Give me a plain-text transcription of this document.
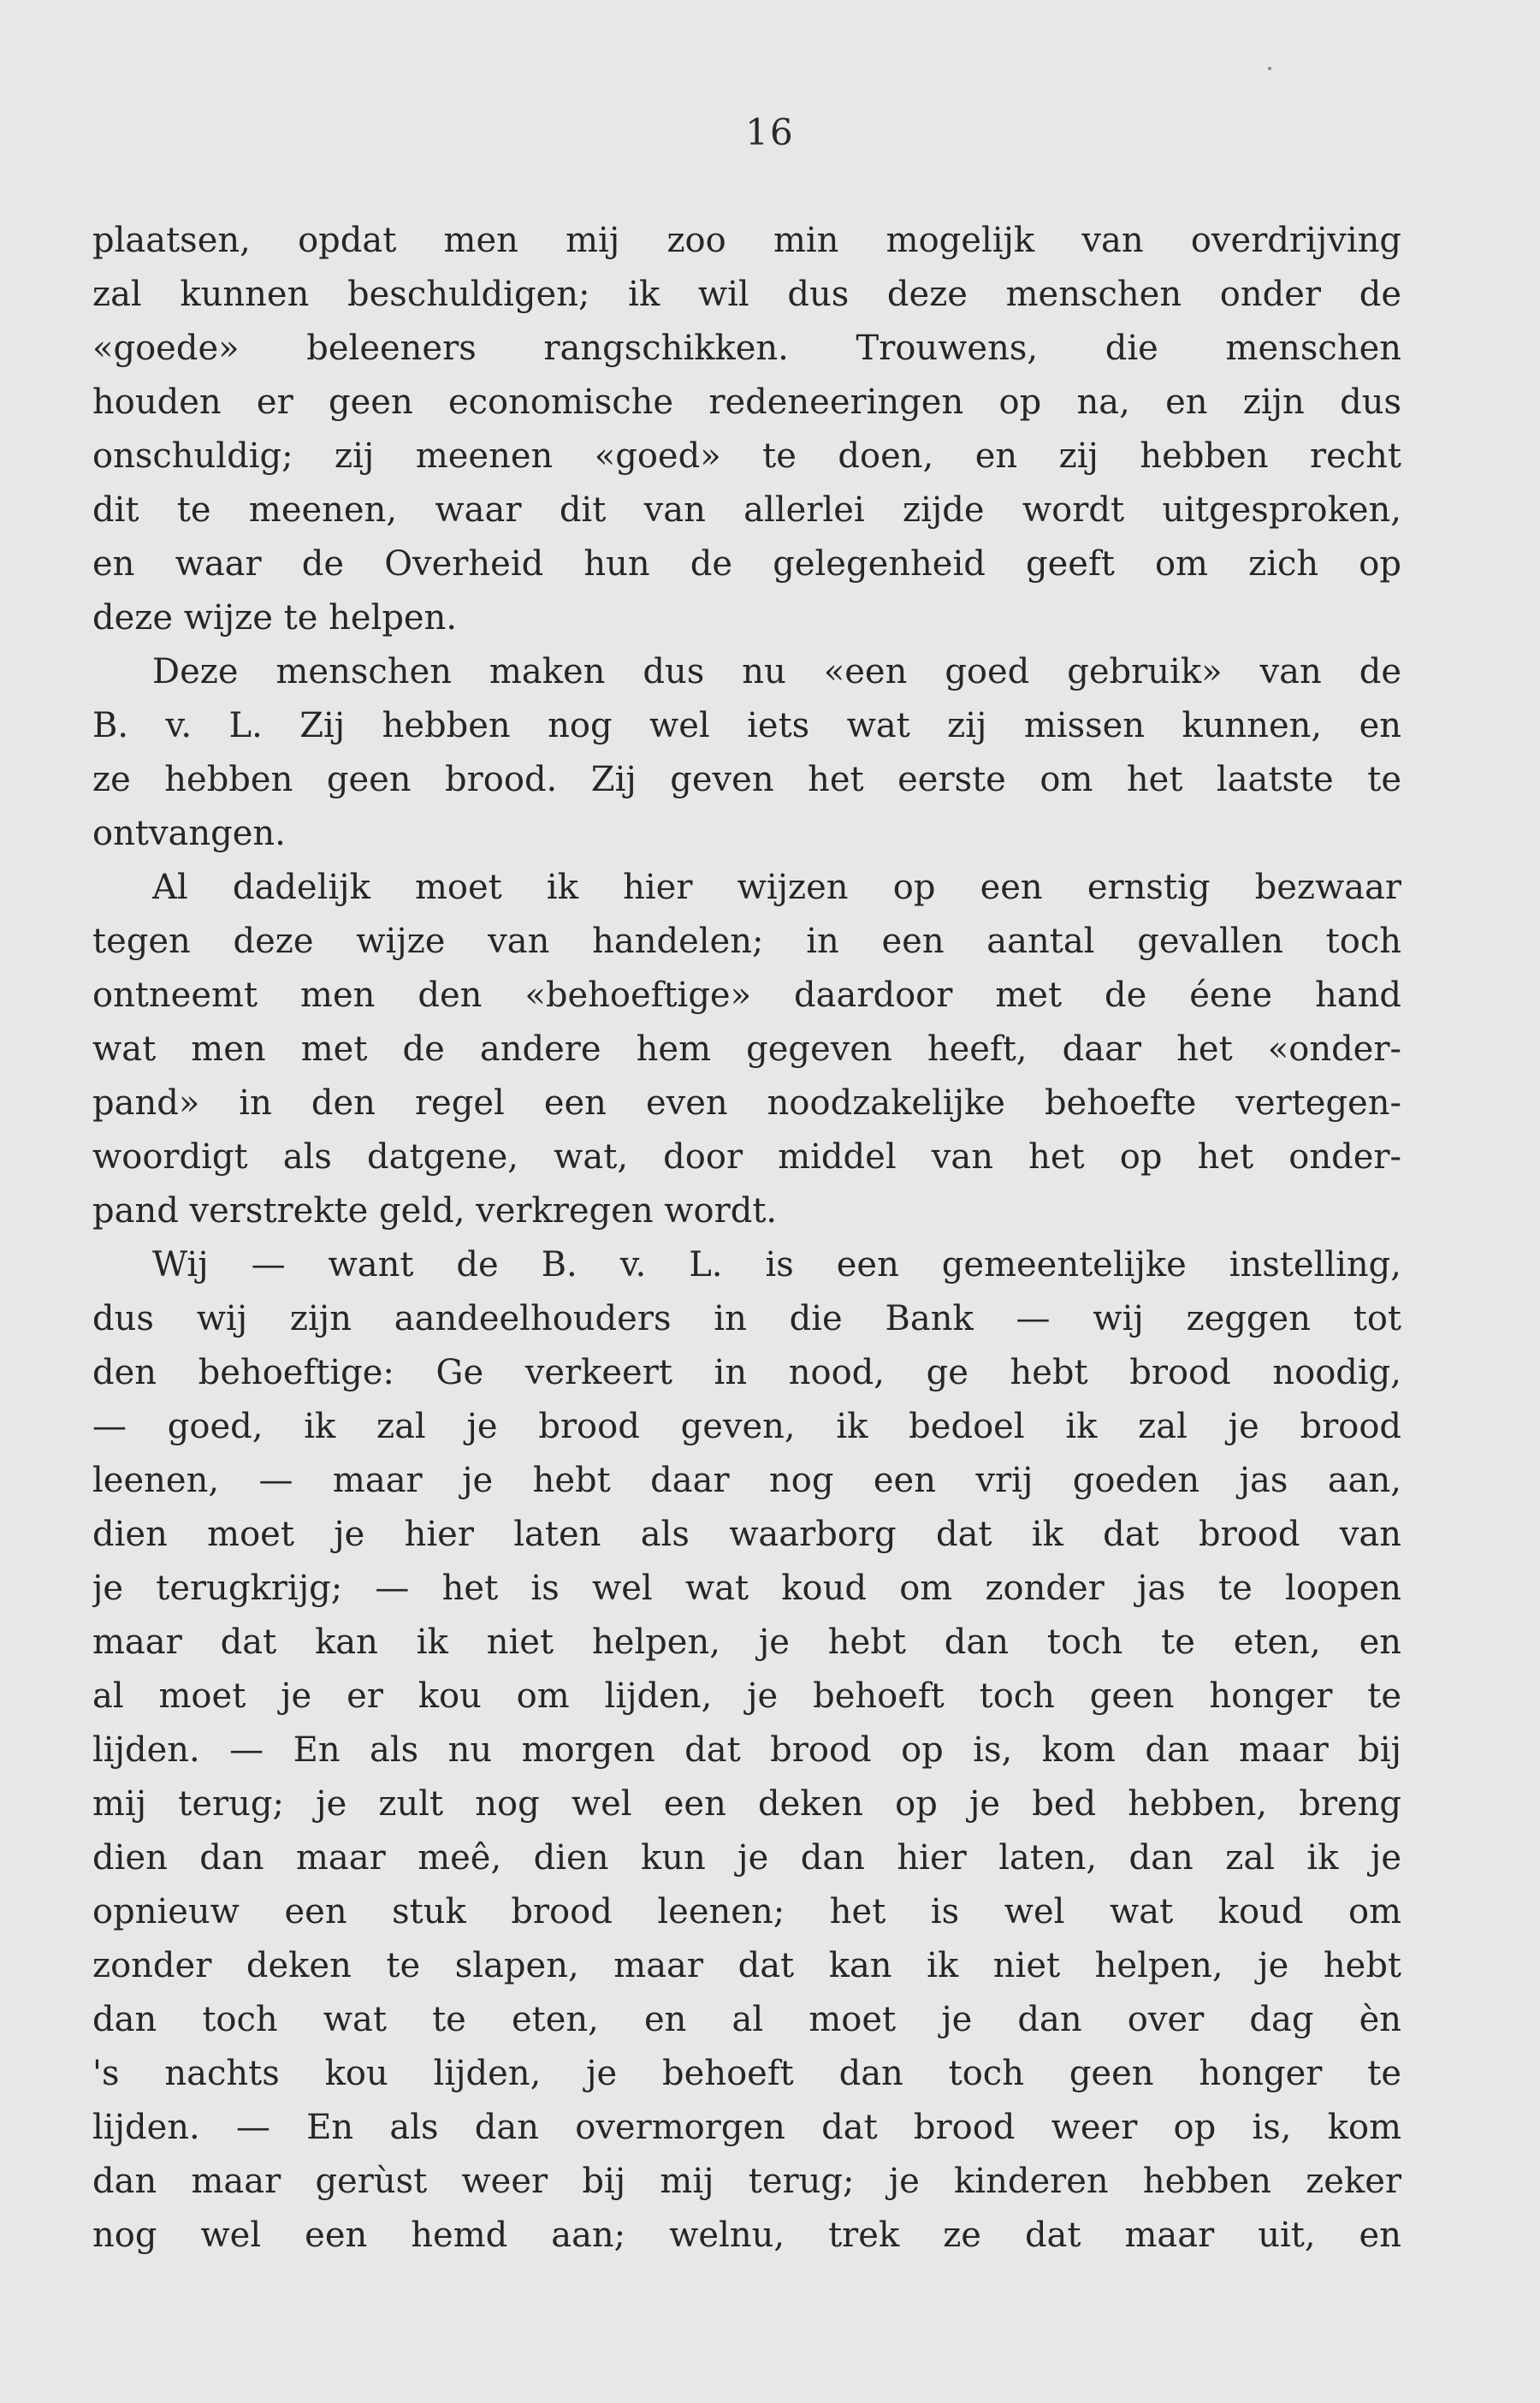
16
plaatsen, opdat men mij zoo min mogelijk van overdrijving
zal kunnen beschuldigen; ik wil dus deze menschen onder de
«goede» beleeners rangschikken. Trouwens, die menschen
houden er geen economische redeneeringen op na, en zijn dus
onschuldig; zij meenen «goed» te doen, en zij hebben recht
dit te meenen, waar dit van allerlei zijde wordt uitgesproken,
en waar de Overheid hun de gelegenheid geeft om zich op
deze wijze te helpen.
Deze menschen maken dus nu «een goed gebruik» van de
B. v. L. Zij hebben nog wel iets wat zij missen kunnen, en
ze hebben geen brood. Zij geven het eerste om het laatste te
ontvangen.
Al dadelijk moet ik hier wijzen op een ernstig bezwaar
tegen deze wijze van handelen; in een aantal gevallen toch
ontneemt men den «behoeftige» daardoor met de éene hand
wat men met de andere hem gegeven heeft, daar het «onder-
pand» in den regel een even noodzakelijke behoefte vertegen-
woordigt als datgene, wat, door middel van het op het onder-
pand verstrekte geld, verkregen wordt.
Wij — want de B. v. L. is een gemeentelijke instelling,
dus wij zijn aandeelhouders in die Bank — wij zeggen tot
den behoeftige: Ge verkeert in nood, ge hebt brood noodig,
— goed, ik zal je brood geven, ik bedoel ik zal je brood
leenen, — maar je hebt daar nog een vrij goeden jas aan,
dien moet je hier laten als waarborg dat ik dat brood van
je terugkrijg; — het is wel wat koud om zonder jas te loopen
maar dat kan ik niet helpen, je hebt dan toch te eten, en
al moet je er kou om lijden, je behoeft toch geen honger te
lijden. — En als nu morgen dat brood op is, kom dan maar bij
mij terug; je zult nog wel een deken op je bed hebben, breng
dien dan maar meê, dien kun je dan hier laten, dan zal ik je
opnieuw een stuk brood leenen; het is wel wat koud om
zonder deken te slapen, maar dat kan ik niet helpen, je hebt
dan toch wat te eten, en al moet je dan over dag èn
's nachts kou lijden, je behoeft dan toch geen honger te
lijden. — En als dan overmorgen dat brood weer op is, kom
dan maar gerùst weer bij mij terug; je kinderen hebben zeker
nog wel een hemd aan; welnu, trek ze dat maar uit, en
